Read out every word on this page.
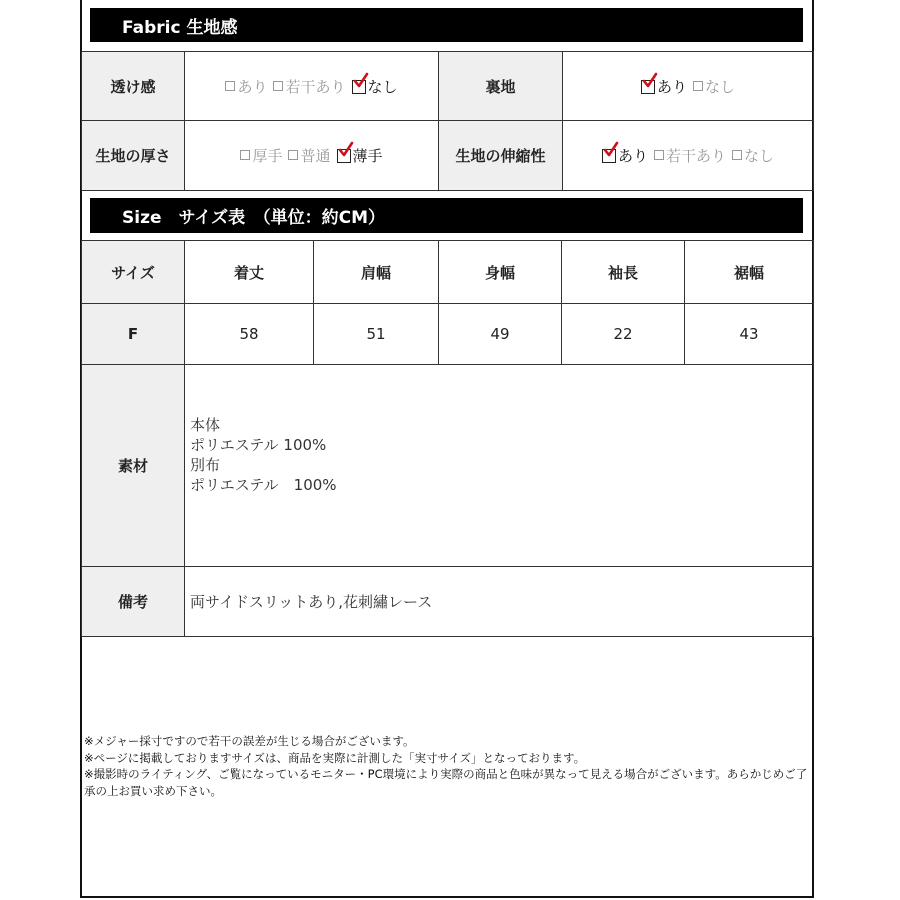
Fabric 生地感
透け感	あり 若干あり なし	裏地	あり なし
生地の厚さ	厚手 普通 薄手	生地の伸縮性	あり 若干あり なし
Size　サイズ表　（単位：約CM）
サイズ	着丈	肩幅	身幅	袖長	裾幅
F	58	51	49	22	43
素材	本体
ポリエステル 100%
別布
ポリエステル　100%

備考	両サイドスリットあり,花刺繡レース
※メジャー採寸ですので若干の誤差が生じる場合がございます。
※ページに掲載しておりますサイズは、商品を実際に計測した「実寸サイズ」となっております。
※撮影時のライティング、ご覧になっているモニター・PC環境により実際の商品と色味が異なって見える場合がございます。あらかじめご了承の上お買い求め下さい。
